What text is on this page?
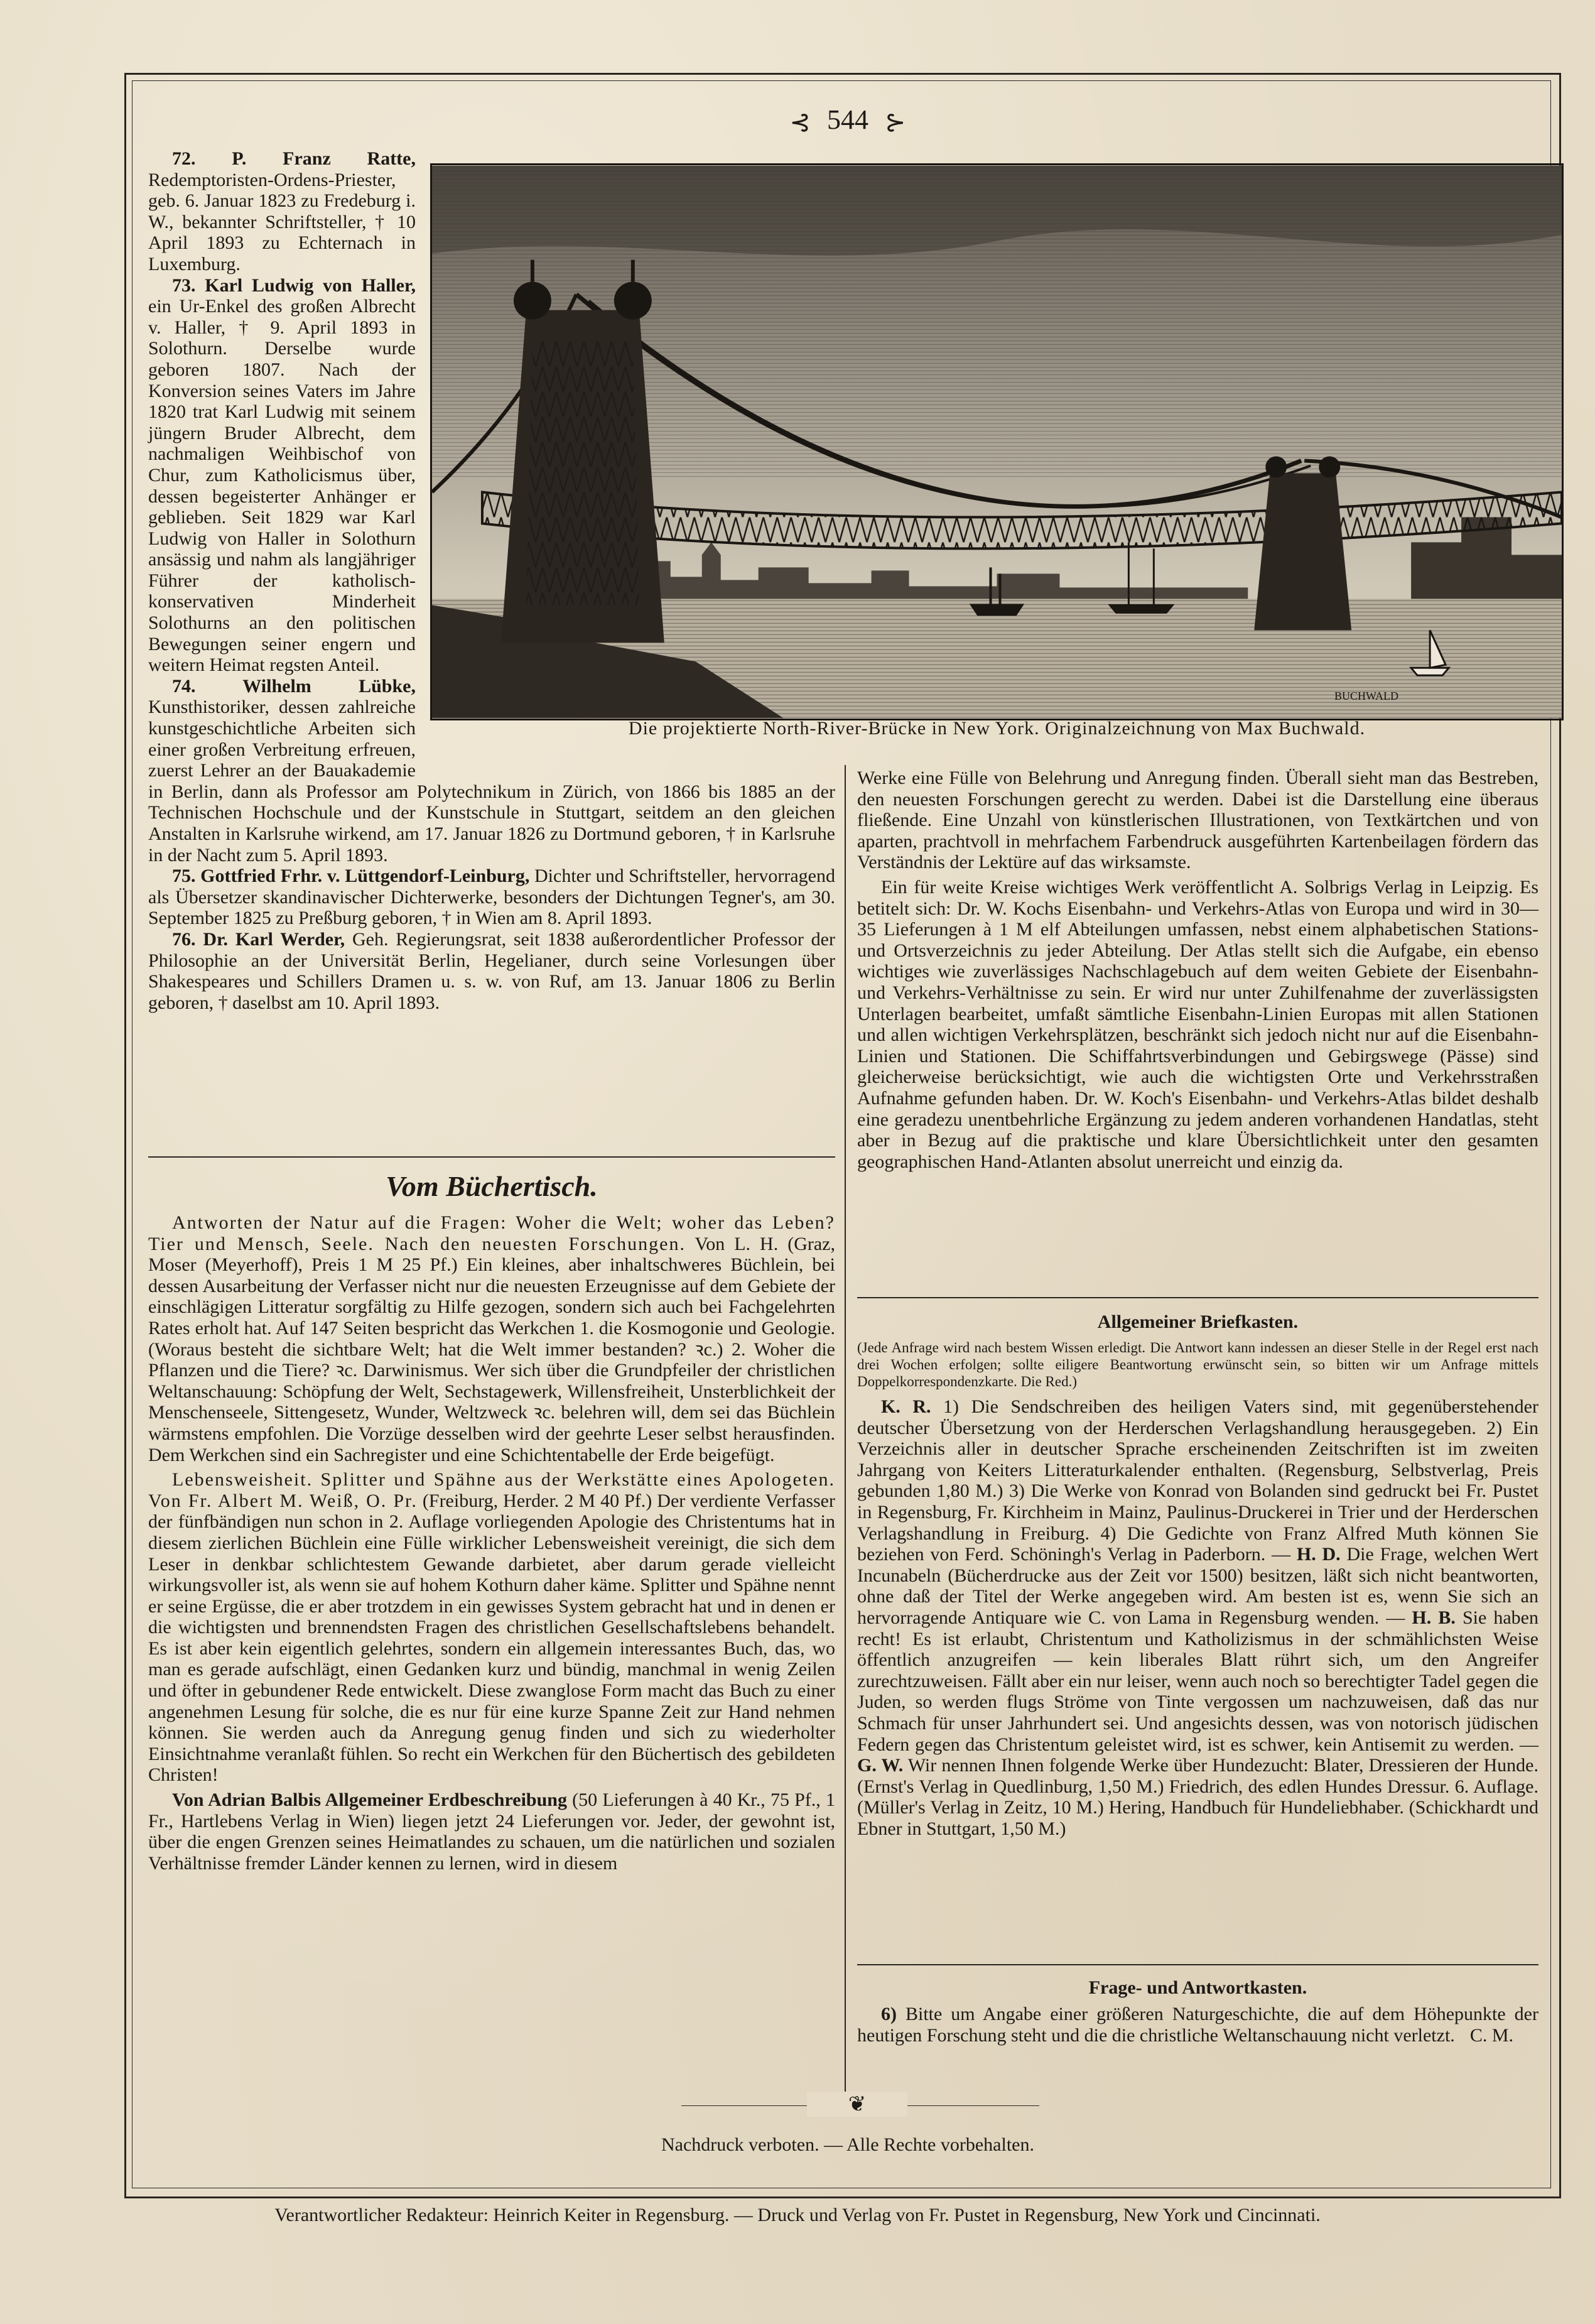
⊰ 544 ⊱
BUCHWALD
Die projektierte North-River-Brücke in New York. Originalzeichnung von Max Buchwald.

72. P. Franz Ratte, Redemptoristen-Ordens-Priester, geb. 6. Januar 1823 zu Fredeburg i. W., bekannter Schriftsteller, † 10 April 1893 zu Echternach in Luxemburg.

73. Karl Ludwig von Haller, ein Ur-Enkel des großen Albrecht v. Haller, † 9. April 1893 in Solothurn. Derselbe wurde geboren 1807. Nach der Konversion seines Vaters im Jahre 1820 trat Karl Ludwig mit seinem jüngern Bruder Albrecht, dem nachmaligen Weihbischof von Chur, zum Katholicismus über, dessen begeisterter Anhänger er geblieben. Seit 1829 war Karl Ludwig von Haller in Solothurn ansässig und nahm als langjähriger Führer der katholisch-konservativen Minderheit Solothurns an den politischen Bewegungen seiner engern und weitern Heimat regsten Anteil.

74. Wilhelm Lübke, Kunsthistoriker, dessen zahlreiche kunstgeschichtliche Arbeiten sich einer großen Verbreitung erfreuen, zuerst Lehrer an der Bauakademie in Berlin, dann als Professor am Polytechnikum in Zürich, von 1866 bis 1885 an der Technischen Hochschule und der Kunstschule in Stuttgart, seitdem an den gleichen Anstalten in Karlsruhe wirkend, am 17. Januar 1826 zu Dortmund geboren, † in Karlsruhe in der Nacht zum 5. April 1893.

75. Gottfried Frhr. v. Lüttgendorf-Leinburg, Dichter und Schriftsteller, hervorragend als Übersetzer skandinavischer Dichterwerke, besonders der Dichtungen Tegner's, am 30. September 1825 zu Preßburg geboren, † in Wien am 8. April 1893.

76. Dr. Karl Werder, Geh. Regierungsrat, seit 1838 außerordentlicher Professor der Philosophie an der Universität Berlin, Hegelianer, durch seine Vorlesungen über Shakespeares und Schillers Dramen u. s. w. von Ruf, am 13. Januar 1806 zu Berlin geboren, † daselbst am 10. April 1893.

Vom Büchertisch.

Antworten der Natur auf die Fragen: Woher die Welt; woher das Leben? Tier und Mensch, Seele. Nach den neuesten Forschungen. Von L. H. (Graz, Moser (Meyerhoff), Preis 1 M 25 Pf.) Ein kleines, aber inhaltschweres Büchlein, bei dessen Ausarbeitung der Verfasser nicht nur die neuesten Erzeugnisse auf dem Gebiete der einschlägigen Litteratur sorgfältig zu Hilfe gezogen, sondern sich auch bei Fachgelehrten Rates erholt hat. Auf 147 Seiten bespricht das Werkchen 1. die Kosmogonie und Geologie. (Woraus besteht die sichtbare Welt; hat die Welt immer bestanden? ꝛc.) 2. Woher die Pflanzen und die Tiere? ꝛc. Darwinismus. Wer sich über die Grundpfeiler der christlichen Weltanschauung: Schöpfung der Welt, Sechstagewerk, Willensfreiheit, Unsterblichkeit der Menschenseele, Sittengesetz, Wunder, Weltzweck ꝛc. belehren will, dem sei das Büchlein wärmstens empfohlen. Die Vorzüge desselben wird der geehrte Leser selbst herausfinden. Dem Werkchen sind ein Sachregister und eine Schichtentabelle der Erde beigefügt.

Lebensweisheit. Splitter und Spähne aus der Werkstätte eines Apologeten. Von Fr. Albert M. Weiß, O. Pr. (Freiburg, Herder. 2 M 40 Pf.) Der verdiente Verfasser der fünfbändigen nun schon in 2. Auflage vorliegenden Apologie des Christentums hat in diesem zierlichen Büchlein eine Fülle wirklicher Lebensweisheit vereinigt, die sich dem Leser in denkbar schlichtestem Gewande darbietet, aber darum gerade vielleicht wirkungsvoller ist, als wenn sie auf hohem Kothurn daher käme. Splitter und Spähne nennt er seine Ergüsse, die er aber trotzdem in ein gewisses System gebracht hat und in denen er die wichtigsten und brennendsten Fragen des christlichen Gesellschaftslebens behandelt. Es ist aber kein eigentlich gelehrtes, sondern ein allgemein interessantes Buch, das, wo man es gerade aufschlägt, einen Gedanken kurz und bündig, manchmal in wenig Zeilen und öfter in gebundener Rede entwickelt. Diese zwanglose Form macht das Buch zu einer angenehmen Lesung für solche, die es nur für eine kurze Spanne Zeit zur Hand nehmen können. Sie werden auch da Anregung genug finden und sich zu wiederholter Einsichtnahme veranlaßt fühlen. So recht ein Werkchen für den Büchertisch des gebildeten Christen!

Von Adrian Balbis Allgemeiner Erdbeschreibung (50 Lieferungen à 40 Kr., 75 Pf., 1 Fr., Hartlebens Verlag in Wien) liegen jetzt 24 Lieferungen vor. Jeder, der gewohnt ist, über die engen Grenzen seines Heimatlandes zu schauen, um die natürlichen und sozialen Verhältnisse fremder Länder kennen zu lernen, wird in diesem

Werke eine Fülle von Belehrung und Anregung finden. Überall sieht man das Bestreben, den neuesten Forschungen gerecht zu werden. Dabei ist die Darstellung eine überaus fließende. Eine Unzahl von künstlerischen Illustrationen, von Textkärtchen und von aparten, prachtvoll in mehrfachem Farbendruck ausgeführten Kartenbeilagen fördern das Verständnis der Lektüre auf das wirksamste.

Ein für weite Kreise wichtiges Werk veröffentlicht A. Solbrigs Verlag in Leipzig. Es betitelt sich: Dr. W. Kochs Eisenbahn- und Verkehrs-Atlas von Europa und wird in 30—35 Lieferungen à 1 M elf Abteilungen umfassen, nebst einem alphabetischen Stations- und Ortsverzeichnis zu jeder Abteilung. Der Atlas stellt sich die Aufgabe, ein ebenso wichtiges wie zuverlässiges Nachschlagebuch auf dem weiten Gebiete der Eisenbahn- und Verkehrs-Verhältnisse zu sein. Er wird nur unter Zuhilfenahme der zuverlässigsten Unterlagen bearbeitet, umfaßt sämtliche Eisenbahn-Linien Europas mit allen Stationen und allen wichtigen Verkehrsplätzen, beschränkt sich jedoch nicht nur auf die Eisenbahn-Linien und Stationen. Die Schiffahrtsverbindungen und Gebirgswege (Pässe) sind gleicherweise berücksichtigt, wie auch die wichtigsten Orte und Verkehrsstraßen Aufnahme gefunden haben. Dr. W. Koch's Eisenbahn- und Verkehrs-Atlas bildet deshalb eine geradezu unentbehrliche Ergänzung zu jedem anderen vorhandenen Handatlas, steht aber in Bezug auf die praktische und klare Übersichtlichkeit unter den gesamten geographischen Hand-Atlanten absolut unerreicht und einzig da.

Allgemeiner Briefkasten.

(Jede Anfrage wird nach bestem Wissen erledigt. Die Antwort kann indessen an dieser Stelle in der Regel erst nach drei Wochen erfolgen; sollte eiligere Beantwortung erwünscht sein, so bitten wir um Anfrage mittels Doppelkorrespondenzkarte. Die Red.)

K. R. 1) Die Sendschreiben des heiligen Vaters sind, mit gegenüberstehender deutscher Übersetzung von der Herderschen Verlagshandlung herausgegeben. 2) Ein Verzeichnis aller in deutscher Sprache erscheinenden Zeitschriften ist im zweiten Jahrgang von Keiters Litteraturkalender enthalten. (Regensburg, Selbstverlag, Preis gebunden 1,80 M.) 3) Die Werke von Konrad von Bolanden sind gedruckt bei Fr. Pustet in Regensburg, Fr. Kirchheim in Mainz, Paulinus-Druckerei in Trier und der Herderschen Verlagshandlung in Freiburg. 4) Die Gedichte von Franz Alfred Muth können Sie beziehen von Ferd. Schöningh's Verlag in Paderborn. — H. D. Die Frage, welchen Wert Incunabeln (Bücherdrucke aus der Zeit vor 1500) besitzen, läßt sich nicht beantworten, ohne daß der Titel der Werke angegeben wird. Am besten ist es, wenn Sie sich an hervorragende Antiquare wie C. von Lama in Regensburg wenden. — H. B. Sie haben recht! Es ist erlaubt, Christentum und Katholizismus in der schmählichsten Weise öffentlich anzugreifen — kein liberales Blatt rührt sich, um den Angreifer zurechtzuweisen. Fällt aber ein nur leiser, wenn auch noch so berechtigter Tadel gegen die Juden, so werden flugs Ströme von Tinte vergossen um nachzuweisen, daß das nur Schmach für unser Jahrhundert sei. Und angesichts dessen, was von notorisch jüdischen Federn gegen das Christentum geleistet wird, ist es schwer, kein Antisemit zu werden. — G. W. Wir nennen Ihnen folgende Werke über Hundezucht: Blater, Dressieren der Hunde. (Ernst's Verlag in Quedlinburg, 1,50 M.) Friedrich, des edlen Hundes Dressur. 6. Auflage. (Müller's Verlag in Zeitz, 10 M.) Hering, Handbuch für Hundeliebhaber. (Schickhardt und Ebner in Stuttgart, 1,50 M.)

Frage- und Antwortkasten.

6) Bitte um Angabe einer größeren Naturgeschichte, die auf dem Höhepunkte der heutigen Forschung steht und die die christliche Weltanschauung nicht verletzt. C. M.

❦
Nachdruck verboten. — Alle Rechte vorbehalten.
Verantwortlicher Redakteur: Heinrich Keiter in Regensburg. — Druck und Verlag von Fr. Pustet in Regensburg, New York und Cincinnati.
